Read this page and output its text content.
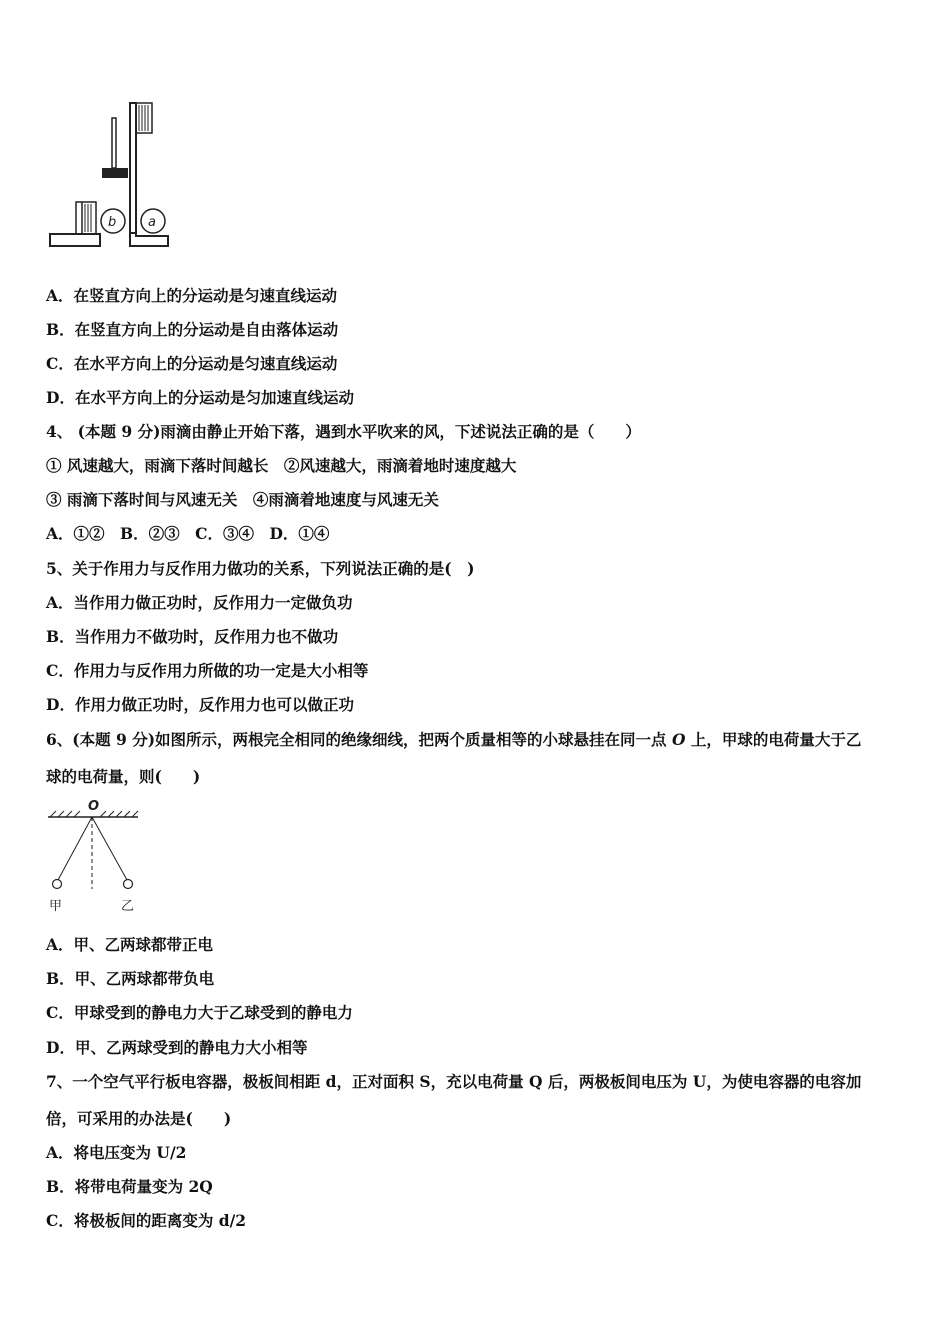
b a
A．在竖直方向上的分运动是匀速直线运动
B．在竖直方向上的分运动是自由落体运动
C．在水平方向上的分运动是匀速直线运动
D．在水平方向上的分运动是匀加速直线运动
4、 (本题 9 分)雨滴由静止开始下落，遇到水平吹来的风，下述说法正确的是（　　）
① 风速越大，雨滴下落时间越长　②风速越大，雨滴着地时速度越大
③ 雨滴下落时间与风速无关　④雨滴着地速度与风速无关
A．①②　B．②③　C．③④　D．①④
5、关于作用力与反作用力做功的关系，下列说法正确的是(　)
A．当作用力做正功时，反作用力一定做负功
B．当作用力不做功时，反作用力也不做功
C．作用力与反作用力所做的功一定是大小相等
D．作用力做正功时，反作用力也可以做正功
6、(本题 9 分)如图所示，两根完全相同的绝缘细线，把两个质量相等的小球悬挂在同一点 O 上，甲球的电荷量大于乙
球的电荷量，则(　　)
O
甲	乙
A．甲、乙两球都带正电
B．甲、乙两球都带负电
C．甲球受到的静电力大于乙球受到的静电力
D．甲、乙两球受到的静电力大小相等
7、一个空气平行板电容器，极板间相距 d，正对面积 S，充以电荷量 Q 后，两极板间电压为 U，为使电容器的电容加
倍，可采用的办法是(　　)
A．将电压变为 U/2
B．将带电荷量变为 2Q
C．将极板间的距离变为 d/2
